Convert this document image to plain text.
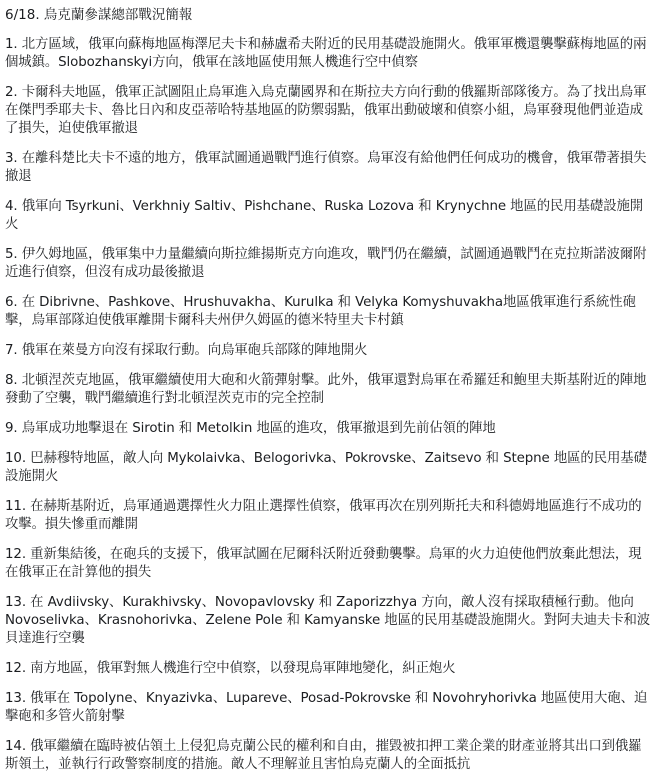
6/18. 烏克蘭參謀總部戰況簡報
1. 北方區域，俄軍向蘇梅地區梅澤尼夫卡和赫盧希夫附近的民用基礎設施開火。俄軍軍機還襲擊蘇梅地區的兩個城鎮。Slobozhanskyi方向，俄軍在該地區使用無人機進行空中偵察
2. 卡爾科夫地區，俄軍正試圖阻止烏軍進入烏克蘭國界和在斯拉夫方向行動的俄羅斯部隊後方。為了找出烏軍在傑門季耶夫卡、魯比日內和皮亞蒂哈特基地區的防禦弱點，俄軍出動破壞和偵察小組，烏軍發現他們並造成了損失，迫使俄軍撤退
3. 在離科楚比夫卡不遠的地方，俄軍試圖通過戰鬥進行偵察。烏軍沒有給他們任何成功的機會，俄軍帶著損失撤退
4. 俄軍向 Tsyrkuni、Verkhniy Saltiv、Pishchane、Ruska Lozova 和 Krynychne 地區的民用基礎設施開火
5. 伊久姆地區，俄軍集中力量繼續向斯拉維揚斯克方向進攻，戰鬥仍在繼續，試圖通過戰鬥在克拉斯諾波爾附近進行偵察，但沒有成功最後撤退
6. 在 Dibrivne、Pashkove、Hrushuvakha、Kurulka 和 Velyka Komyshuvakha地區俄軍進行系統性砲擊，烏軍部隊迫使俄軍離開卡爾科夫州伊久姆區的德米特里夫卡村鎮
7. 俄軍在萊曼方向沒有採取行動。向烏軍砲兵部隊的陣地開火
8. 北頓涅茨克地區，俄軍繼續使用大砲和火箭彈射擊。此外，俄軍還對烏軍在希羅廷和鮑里夫斯基附近的陣地發動了空襲，戰鬥繼續進行對北頓涅茨克市的完全控制
9. 烏軍成功地擊退在 Sirotin 和 Metolkin 地區的進攻，俄軍撤退到先前佔領的陣地
10. 巴赫穆特地區，敵人向 Mykolaivka、Belogorivka、Pokrovske、Zaitsevo 和 Stepne 地區的民用基礎設施開火
11. 在赫斯基附近，烏軍通過選擇性火力阻止選擇性偵察，俄軍再次在別列斯托夫和科德姆地區進行不成功的攻擊。損失慘重而離開
12. 重新集結後，在砲兵的支援下，俄軍試圖在尼爾科沃附近發動襲擊。烏軍的火力迫使他們放棄此想法，現在俄軍正在計算他的損失
13. 在 Avdiivsky、Kurakhivsky、Novopavlovsky 和 Zaporizzhya 方向，敵人沒有採取積極行動。他向 Novoselivka、Krasnohorivka、Zelene Pole 和 Kamyanske 地區的民用基礎設施開火。對阿夫迪夫卡和波貝達進行空襲
12. 南方地區，俄軍對無人機進行空中偵察，以發現烏軍陣地變化，糾正炮火
13. 俄軍在 Topolyne、Knyazivka、Lupareve、Posad-Pokrovske 和 Novohryhorivka 地區使用大砲、迫擊砲和多管火箭射擊
14. 俄軍繼續在臨時被佔領土上侵犯烏克蘭公民的權利和自由，摧毀被扣押工業企業的財產並將其出口到俄羅斯領土，並執行行政警察制度的措施。敵人不理解並且害怕烏克蘭人的全面抵抗
